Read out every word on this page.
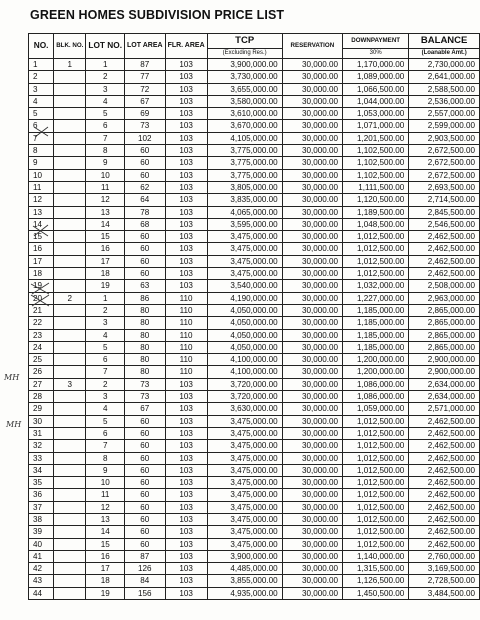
GREEN HOMES SUBDIVISION PRICE LIST
NO.	BLK. NO.	LOT NO.	LOT AREA	FLR. AREA	TCP	RESERVATION	DOWNPAYMENT	BALANCE
					(Excluding Res.)		30%	(Loanable Amt.)
1	1	1	87	103	3,900,000.00	30,000.00	1,170,000.00	2,730,000.00
2		2	77	103	3,730,000.00	30,000.00	1,089,000.00	2,641,000.00
3		3	72	103	3,655,000.00	30,000.00	1,066,500.00	2,588,500.00
4		4	67	103	3,580,000.00	30,000.00	1,044,000.00	2,536,000.00
5		5	69	103	3,610,000.00	30,000.00	1,053,000.00	2,557,000.00
6		6	73	103	3,670,000.00	30,000.00	1,071,000.00	2,599,000.00
7		7	102	103	4,105,000.00	30,000.00	1,201,500.00	2,903,500.00
8		8	60	103	3,775,000.00	30,000.00	1,102,500.00	2,672,500.00
9		9	60	103	3,775,000.00	30,000.00	1,102,500.00	2,672,500.00
10		10	60	103	3,775,000.00	30,000.00	1,102,500.00	2,672,500.00
11		11	62	103	3,805,000.00	30,000.00	1,111,500.00	2,693,500.00
12		12	64	103	3,835,000.00	30,000.00	1,120,500.00	2,714,500.00
13		13	78	103	4,065,000.00	30,000.00	1,189,500.00	2,845,500.00
14		14	68	103	3,595,000.00	30,000.00	1,048,500.00	2,546,500.00
15		15	60	103	3,475,000.00	30,000.00	1,012,500.00	2,462,500.00
16		16	60	103	3,475,000.00	30,000.00	1,012,500.00	2,462,500.00
17		17	60	103	3,475,000.00	30,000.00	1,012,500.00	2,462,500.00
18		18	60	103	3,475,000.00	30,000.00	1,012,500.00	2,462,500.00
19		19	63	103	3,540,000.00	30,000.00	1,032,000.00	2,508,000.00
20	2	1	86	110	4,190,000.00	30,000.00	1,227,000.00	2,963,000.00
21		2	80	110	4,050,000.00	30,000.00	1,185,000.00	2,865,000.00
22		3	80	110	4,050,000.00	30,000.00	1,185,000.00	2,865,000.00
23		4	80	110	4,050,000.00	30,000.00	1,185,000.00	2,865,000.00
24		5	80	110	4,050,000.00	30,000.00	1,185,000.00	2,865,000.00
25		6	80	110	4,100,000.00	30,000.00	1,200,000.00	2,900,000.00
26		7	80	110	4,100,000.00	30,000.00	1,200,000.00	2,900,000.00
27	3	2	73	103	3,720,000.00	30,000.00	1,086,000.00	2,634,000.00
28		3	73	103	3,720,000.00	30,000.00	1,086,000.00	2,634,000.00
29		4	67	103	3,630,000.00	30,000.00	1,059,000.00	2,571,000.00
30		5	60	103	3,475,000.00	30,000.00	1,012,500.00	2,462,500.00
31		6	60	103	3,475,000.00	30,000.00	1,012,500.00	2,462,500.00
32		7	60	103	3,475,000.00	30,000.00	1,012,500.00	2,462,500.00
33		8	60	103	3,475,000.00	30,000.00	1,012,500.00	2,462,500.00
34		9	60	103	3,475,000.00	30,000.00	1,012,500.00	2,462,500.00
35		10	60	103	3,475,000.00	30,000.00	1,012,500.00	2,462,500.00
36		11	60	103	3,475,000.00	30,000.00	1,012,500.00	2,462,500.00
37		12	60	103	3,475,000.00	30,000.00	1,012,500.00	2,462,500.00
38		13	60	103	3,475,000.00	30,000.00	1,012,500.00	2,462,500.00
39		14	60	103	3,475,000.00	30,000.00	1,012,500.00	2,462,500.00
40		15	60	103	3,475,000.00	30,000.00	1,012,500.00	2,462,500.00
41		16	87	103	3,900,000.00	30,000.00	1,140,000.00	2,760,000.00
42		17	126	103	4,485,000.00	30,000.00	1,315,500.00	3,169,500.00
43		18	84	103	3,855,000.00	30,000.00	1,126,500.00	2,728,500.00
44		19	156	103	4,935,000.00	30,000.00	1,450,500.00	3,484,500.00
MH
MH
